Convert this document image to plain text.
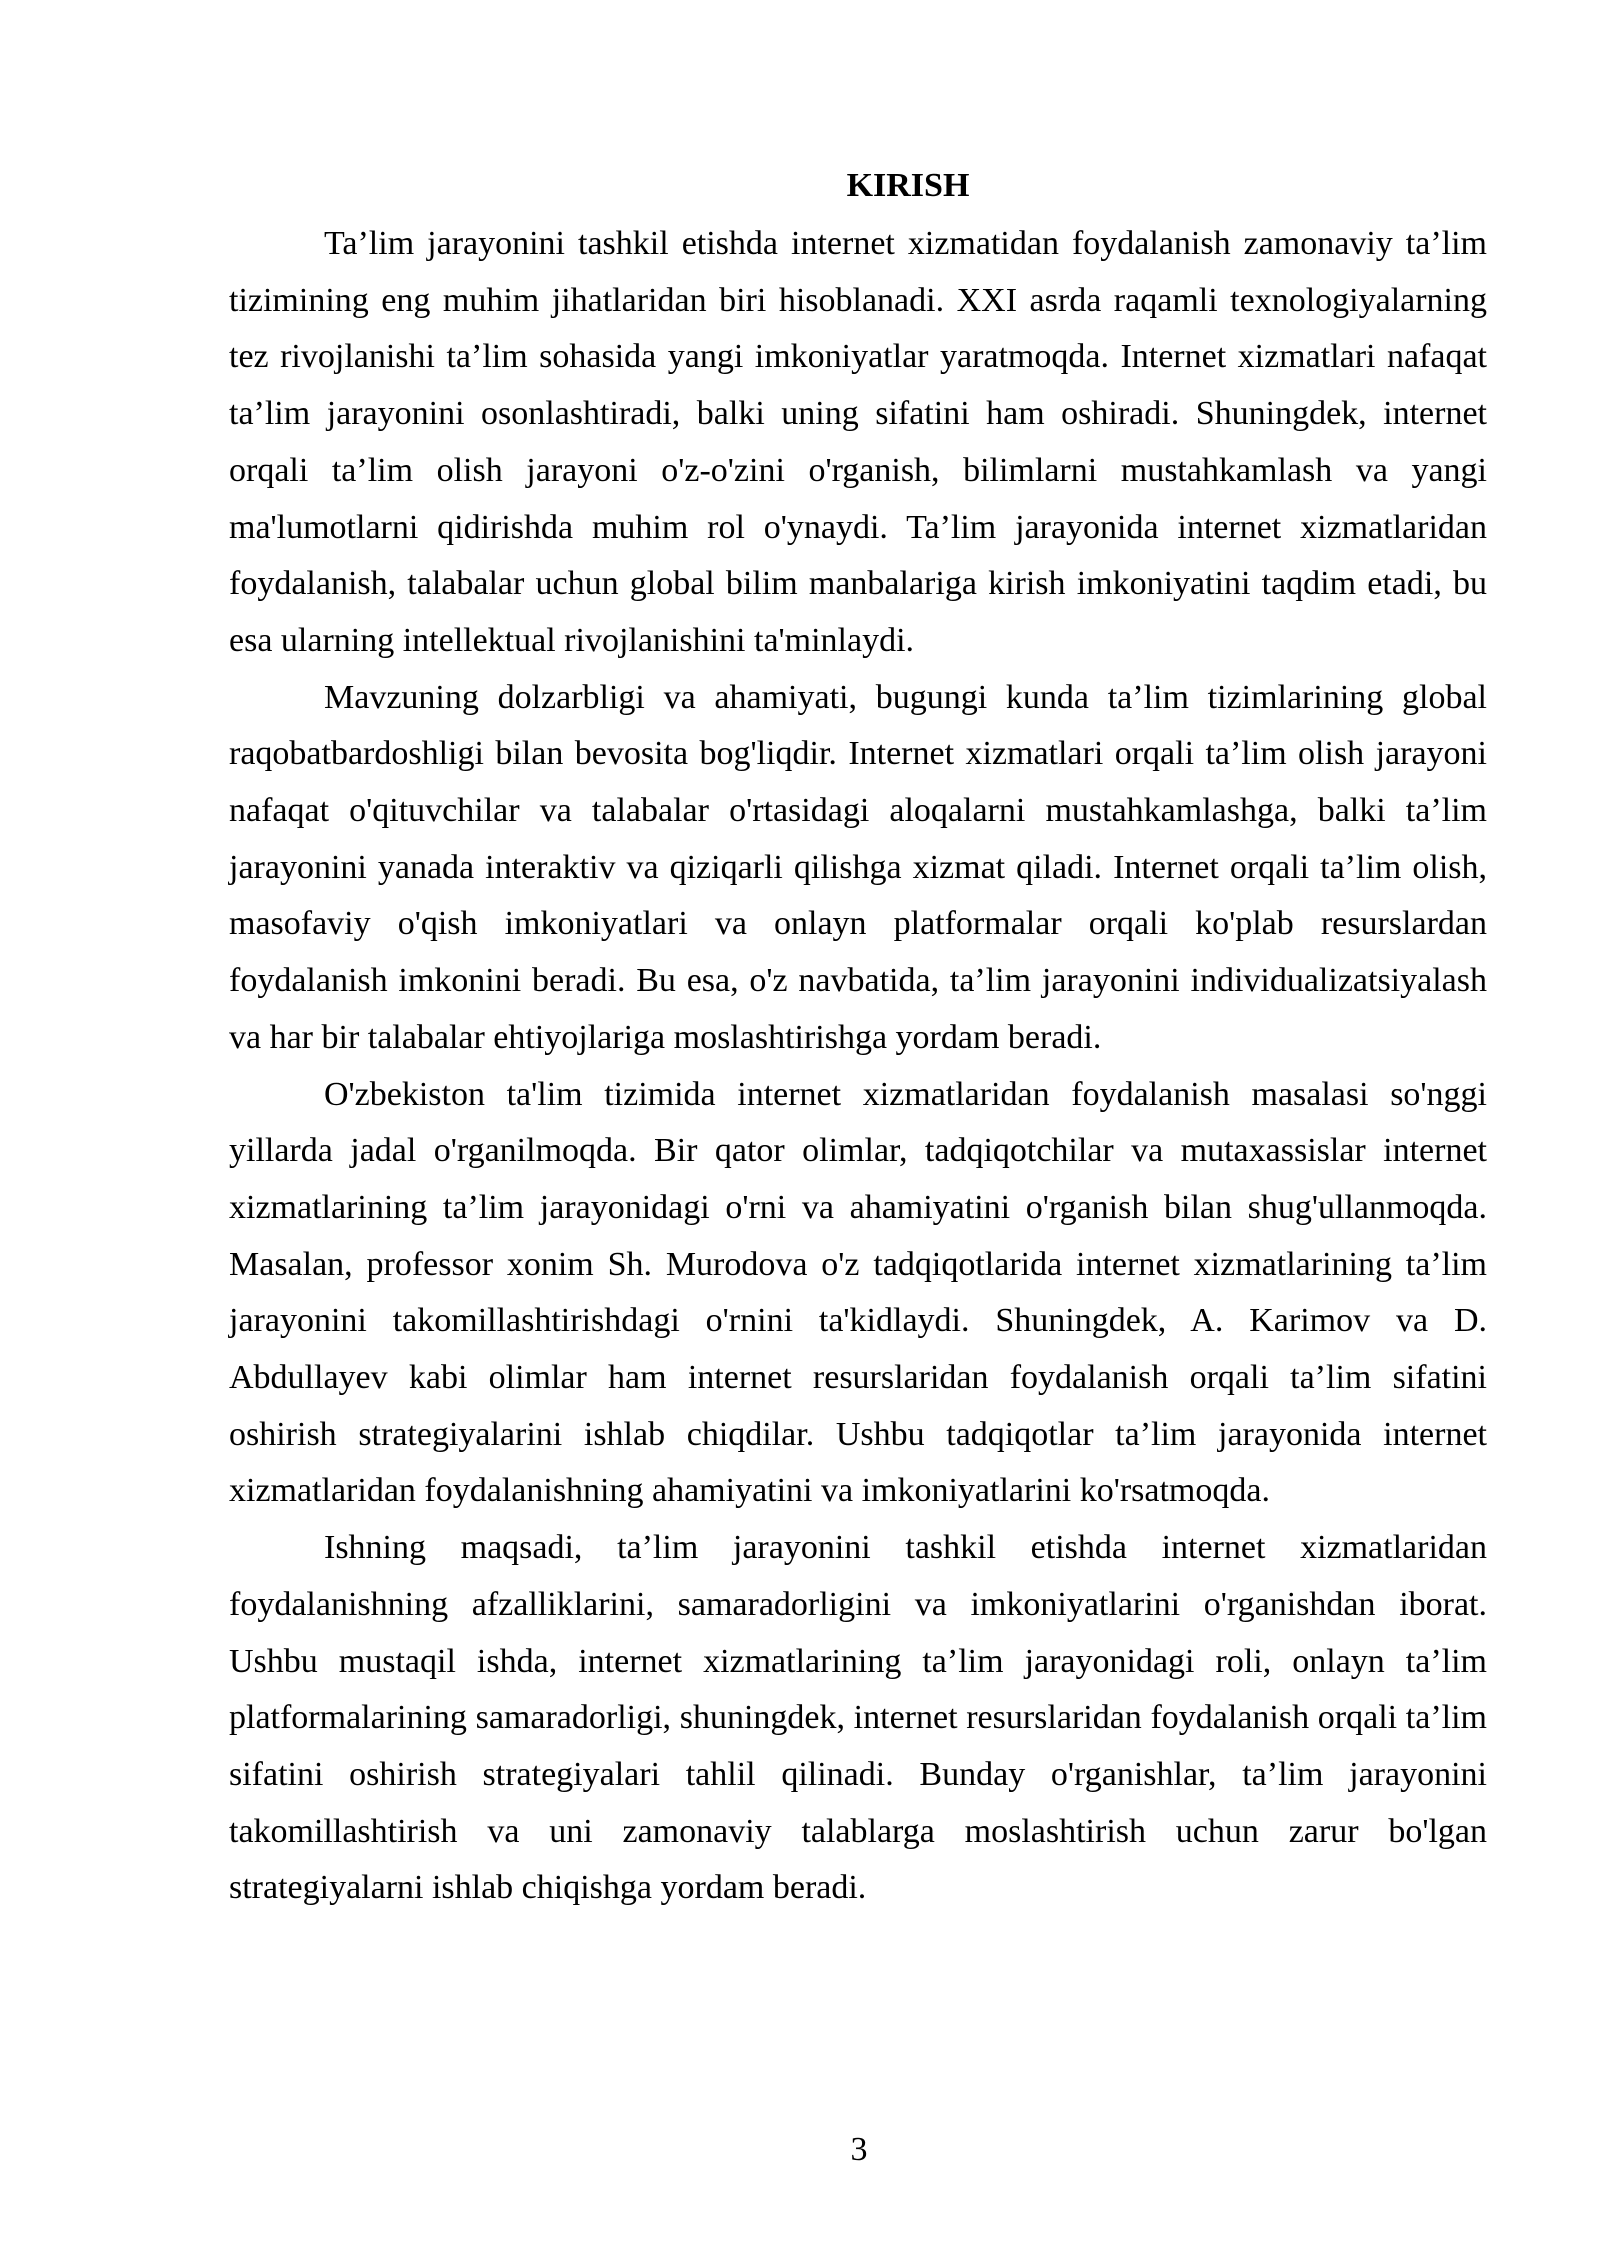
KIRISH

Ta’lim jarayonini tashkil etishda internet xizmatidan foydalanish zamonaviy ta’lim tizimining eng muhim jihatlaridan biri hisoblanadi. XXI asrda raqamli texnologiyalarning tez rivojlanishi ta’lim sohasida yangi imkoniyatlar yaratmoqda. Internet xizmatlari nafaqat ta’lim jarayonini osonlashtiradi, balki uning sifatini ham oshiradi. Shuningdek, internet orqali ta’lim olish jarayoni o'z-o'zini o'rganish, bilimlarni mustahkamlash va yangi ma'lumotlarni qidirishda muhim rol o'ynaydi. Ta’lim jarayonida internet xizmatlaridan foydalanish, talabalar uchun global bilim manbalariga kirish imkoniyatini taqdim etadi, bu esa ularning intellektual rivojlanishini ta'minlaydi.

Mavzuning dolzarbligi va ahamiyati, bugungi kunda ta’lim tizimlarining global raqobatbardoshligi bilan bevosita bog'liqdir. Internet xizmatlari orqali ta’lim olish jarayoni nafaqat o'qituvchilar va talabalar o'rtasidagi aloqalarni mustahkamlashga, balki ta’lim jarayonini yanada interaktiv va qiziqarli qilishga xizmat qiladi. Internet orqali ta’lim olish, masofaviy o'qish imkoniyatlari va onlayn platformalar orqali ko'plab resurslardan foydalanish imkonini beradi. Bu esa, o'z navbatida, ta’lim jarayonini individualizatsiyalash va har bir talabalar ehtiyojlariga moslashtirishga yordam beradi.

O'zbekiston ta'lim tizimida internet xizmatlaridan foydalanish masalasi so'nggi yillarda jadal o'rganilmoqda. Bir qator olimlar, tadqiqotchilar va mutaxassislar internet xizmatlarining ta’lim jarayonidagi o'rni va ahamiyatini o'rganish bilan shug'ullanmoqda. Masalan, professor xonim Sh. Murodova o'z tadqiqotlarida internet xizmatlarining ta’lim jarayonini takomillashtirishdagi o'rnini ta'kidlaydi. Shuningdek, A. Karimov va D. Abdullayev kabi olimlar ham internet resurslaridan foydalanish orqali ta’lim sifatini oshirish strategiyalarini ishlab chiqdilar. Ushbu tadqiqotlar ta’lim jarayonida internet xizmatlaridan foydalanishning ahamiyatini va imkoniyatlarini ko'rsatmoqda.

Ishning maqsadi, ta’lim jarayonini tashkil etishda internet xizmatlaridan foydalanishning afzalliklarini, samaradorligini va imkoniyatlarini o'rganishdan iborat. Ushbu mustaqil ishda, internet xizmatlarining ta’lim jarayonidagi roli, onlayn ta’lim platformalarining samaradorligi, shuningdek, internet resurslaridan foydalanish orqali ta’lim sifatini oshirish strategiyalari tahlil qilinadi. Bunday o'rganishlar, ta’lim jarayonini takomillashtirish va uni zamonaviy talablarga moslashtirish uchun zarur bo'lgan strategiyalarni ishlab chiqishga yordam beradi.

3
